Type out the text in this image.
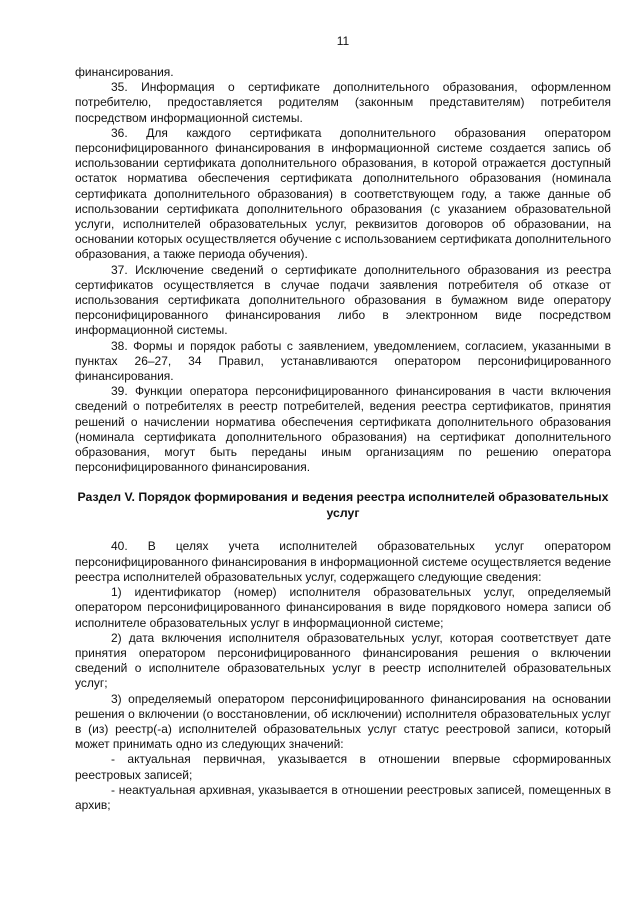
11

финансирования.

35. Информация о сертификате дополнительного образования, оформленном потребителю, предоставляется родителям (законным представителям) потребителя посредством информационной системы.

36. Для каждого сертификата дополнительного образования оператором персонифицированного финансирования в информационной системе создается запись об использовании сертификата дополнительного образования, в которой отражается доступный остаток норматива обеспечения сертификата дополнительного образования (номинала сертификата дополнительного образования) в соответствующем году, а также данные об использовании сертификата дополнительного образования (с указанием образовательной услуги, исполнителей образовательных услуг, реквизитов договоров об образовании, на основании которых осуществляется обучение с использованием сертификата дополнительного образования, а также периода обучения).

37. Исключение сведений о сертификате дополнительного образования из реестра сертификатов осуществляется в случае подачи заявления потребителя об отказе от использования сертификата дополнительного образования в бумажном виде оператору персонифицированного финансирования либо в электронном виде посредством информационной системы.

38. Формы и порядок работы с заявлением, уведомлением, согласием, указанными в пунктах 26–27, 34 Правил, устанавливаются оператором персонифицированного финансирования.

39. Функции оператора персонифицированного финансирования в части включения сведений о потребителях в реестр потребителей, ведения реестра сертификатов, принятия решений о начислении норматива обеспечения сертификата дополнительного образования (номинала сертификата дополнительного образования) на сертификат дополнительного образования, могут быть переданы иным организациям по решению оператора персонифицированного финансирования.

Раздел V. Порядок формирования и ведения реестра исполнителей образовательных услуг

40. В целях учета исполнителей образовательных услуг оператором персонифицированного финансирования в информационной системе осуществляется ведение реестра исполнителей образовательных услуг, содержащего следующие сведения:

1) идентификатор (номер) исполнителя образовательных услуг, определяемый оператором персонифицированного финансирования в виде порядкового номера записи об исполнителе образовательных услуг в информационной системе;

2) дата включения исполнителя образовательных услуг, которая соответствует дате принятия оператором персонифицированного финансирования решения о включении сведений о исполнителе образовательных услуг в реестр исполнителей образовательных услуг;

3) определяемый оператором персонифицированного финансирования на основании решения о включении (о восстановлении, об исключении) исполнителя образовательных услуг в (из) реестр(-а) исполнителей образовательных услуг статус реестровой записи, который может принимать одно из следующих значений:

- актуальная первичная, указывается в отношении впервые сформированных реестровых записей;

- неактуальная архивная, указывается в отношении реестровых записей, помещенных в архив;
